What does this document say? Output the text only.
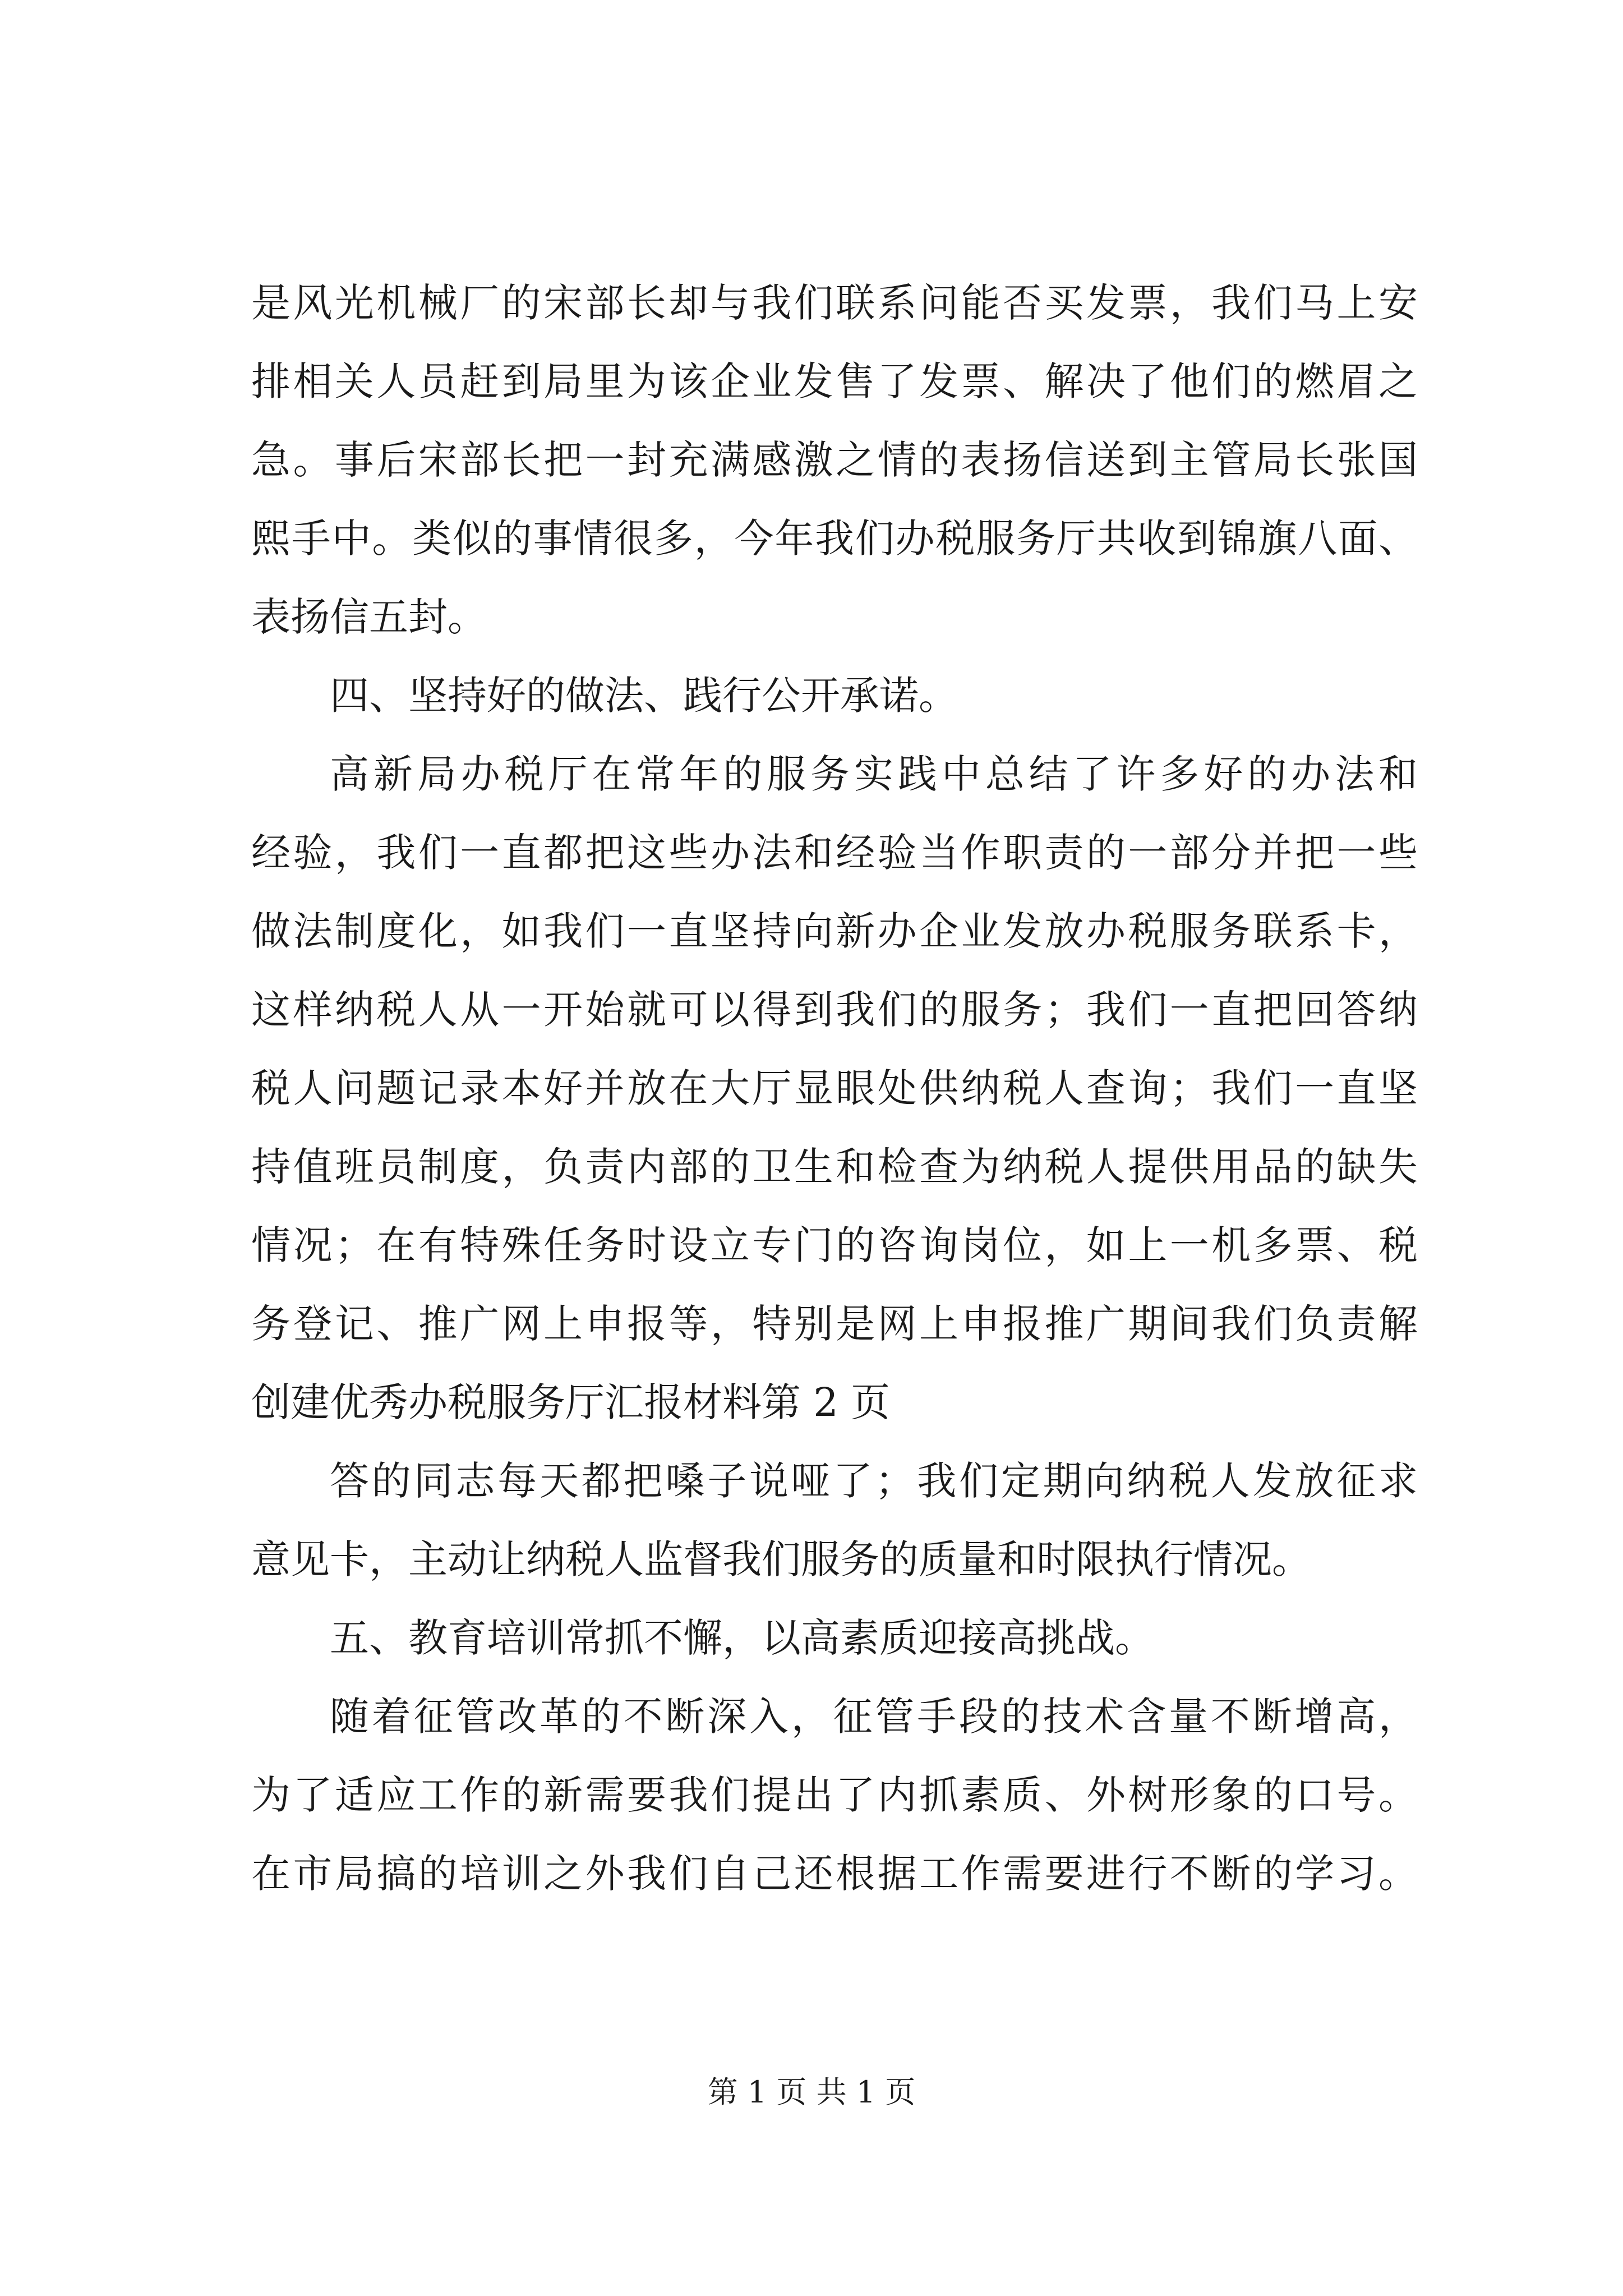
是风光机械厂的宋部长却与我们联系问能否买发票，我们马上安
排相关人员赶到局里为该企业发售了发票、解决了他们的燃眉之
急。事后宋部长把一封充满感激之情的表扬信送到主管局长张国
熙手中。类似的事情很多，今年我们办税服务厅共收到锦旗八面、
表扬信五封。
四、坚持好的做法、践行公开承诺。
高新局办税厅在常年的服务实践中总结了许多好的办法和
经验，我们一直都把这些办法和经验当作职责的一部分并把一些
做法制度化，如我们一直坚持向新办企业发放办税服务联系卡，
这样纳税人从一开始就可以得到我们的服务；我们一直把回答纳
税人问题记录本好并放在大厅显眼处供纳税人查询；我们一直坚
持值班员制度，负责内部的卫生和检查为纳税人提供用品的缺失
情况；在有特殊任务时设立专门的咨询岗位，如上一机多票、税
务登记、推广网上申报等，特别是网上申报推广期间我们负责解
创建优秀办税服务厅汇报材料第 2 页
答的同志每天都把嗓子说哑了；我们定期向纳税人发放征求
意见卡，主动让纳税人监督我们服务的质量和时限执行情况。
五、教育培训常抓不懈，以高素质迎接高挑战。
随着征管改革的不断深入，征管手段的技术含量不断增高，
为了适应工作的新需要我们提出了内抓素质、外树形象的口号。
在市局搞的培训之外我们自己还根据工作需要进行不断的学习。
第 1 页 共 1 页
